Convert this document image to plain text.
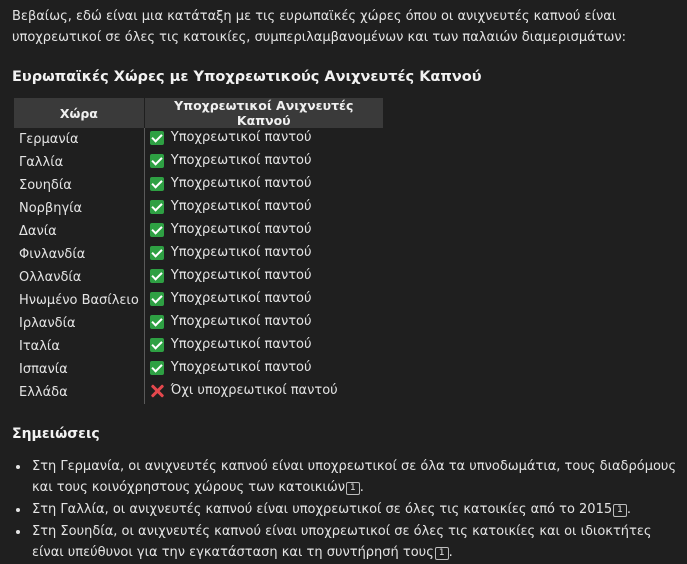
Βεβαίως, εδώ είναι μια κατάταξη με τις ευρωπαϊκές χώρες όπου οι ανιχνευτές καπνού είναι υποχρεωτικοί σε όλες τις κατοικίες, συμπεριλαμβανομένων και των παλαιών διαμερισμάτων:

Ευρωπαϊκές Χώρες με Υποχρεωτικούς Ανιχνευτές Καπνού
Χώρα	Υποχρεωτικοί Ανιχνευτές Καπνού
Γερμανία	Υποχρεωτικοί παντού

Γαλλία	Υποχρεωτικοί παντού

Σουηδία	Υποχρεωτικοί παντού

Νορβηγία	Υποχρεωτικοί παντού

Δανία	Υποχρεωτικοί παντού

Φινλανδία	Υποχρεωτικοί παντού

Ολλανδία	Υποχρεωτικοί παντού

Ηνωμένο Βασίλειο	Υποχρεωτικοί παντού

Ιρλανδία	Υποχρεωτικοί παντού

Ιταλία	Υποχρεωτικοί παντού

Ισπανία	Υποχρεωτικοί παντού

Ελλάδα	Όχι υποχρεωτικοί παντού
Σημειώσεις
• Στη Γερμανία, οι ανιχνευτές καπνού είναι υποχρεωτικοί σε όλα τα υπνοδωμάτια, τους διαδρόμους και τους κοινόχρηστους χώρους των κατοικιών 1 .
• Στη Γαλλία, οι ανιχνευτές καπνού είναι υποχρεωτικοί σε όλες τις κατοικίες από το 2015 1 .
• Στη Σουηδία, οι ανιχνευτές καπνού είναι υποχρεωτικοί σε όλες τις κατοικίες και οι ιδιοκτήτες είναι υπεύθυνοι για την εγκατάσταση και τη συντήρησή τους 1 .
